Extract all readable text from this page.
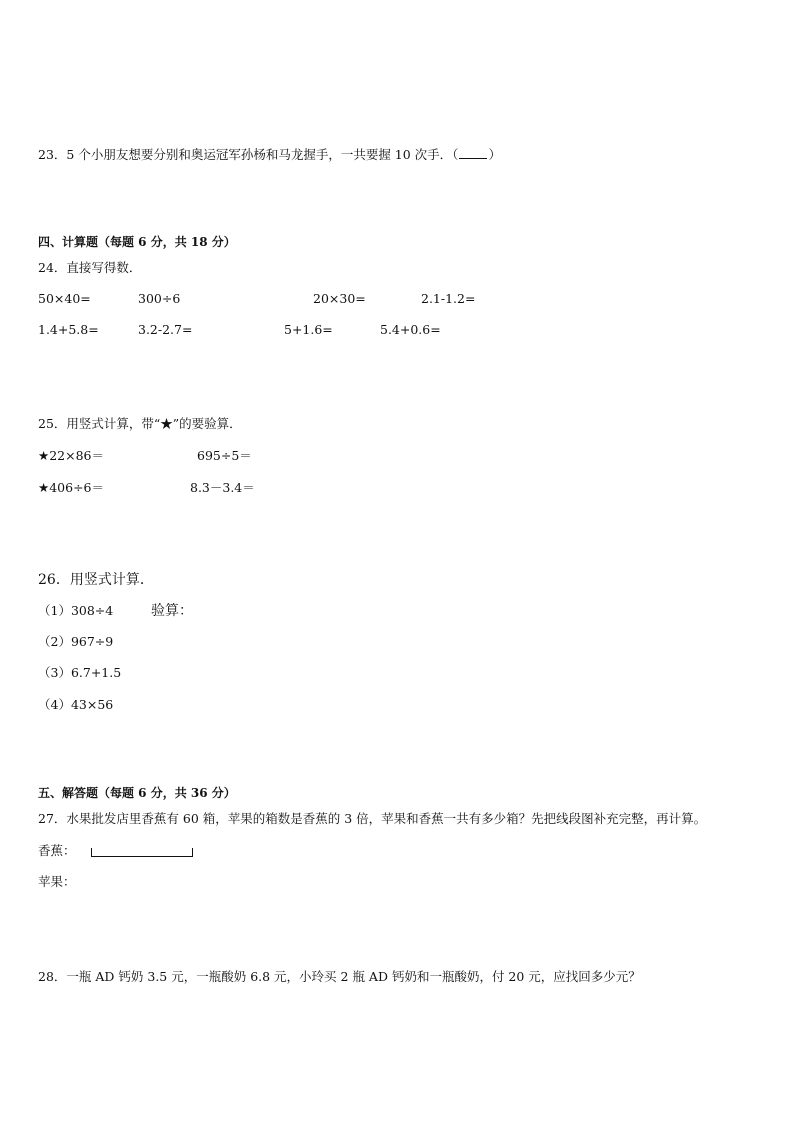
23．5 个小朋友想要分别和奥运冠军孙杨和马龙握手，一共要握 10 次手．（ ）
四、计算题（每题 6 分，共 18 分）
24．直接写得数．
50×40=	300÷6	20×30=	2.1-1.2=
1.4+5.8=	3.2-2.7=	5+1.6=	5.4+0.6=
25．用竖式计算，带“★”的要验算．
★22×86＝	695÷5＝
★406÷6＝	8.3－3.4＝
26．用竖式计算．
（1）308÷4	验算：
（2）967÷9
（3）6.7+1.5
（4）43×56
五、解答题（每题 6 分，共 36 分）
27．水果批发店里香蕉有 60 箱，苹果的箱数是香蕉的 3 倍，苹果和香蕉一共有多少箱？先把线段图补充完整，再计算。
香蕉：
苹果：
28．一瓶 AD 钙奶 3.5 元，一瓶酸奶 6.8 元，小玲买 2 瓶 AD 钙奶和一瓶酸奶，付 20 元，应找回多少元？
